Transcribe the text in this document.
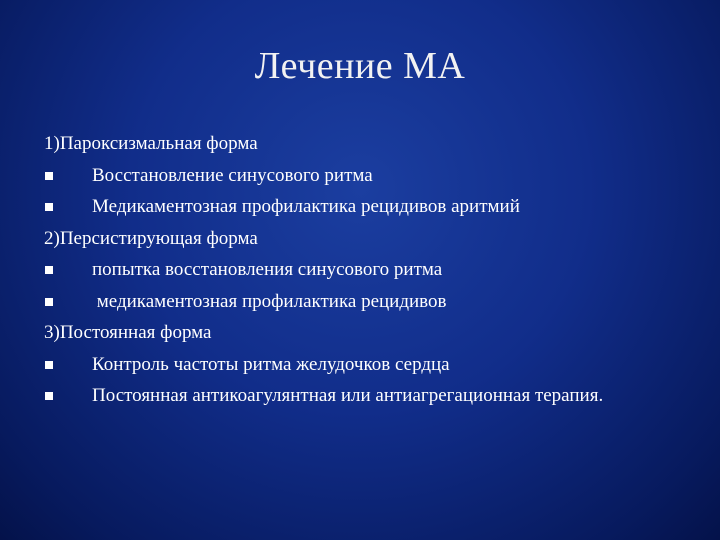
Лечение МА
1)Пароксизмальная форма
Восстановление синусового ритма
Медикаментозная профилактика рецидивов аритмий
2)Персистирующая форма
попытка восстановления синусового ритма
медикаментозная профилактика рецидивов
3)Постоянная форма
Контроль частоты ритма желудочков сердца
Постоянная антикоагулянтная или антиагрегационная терапия.
